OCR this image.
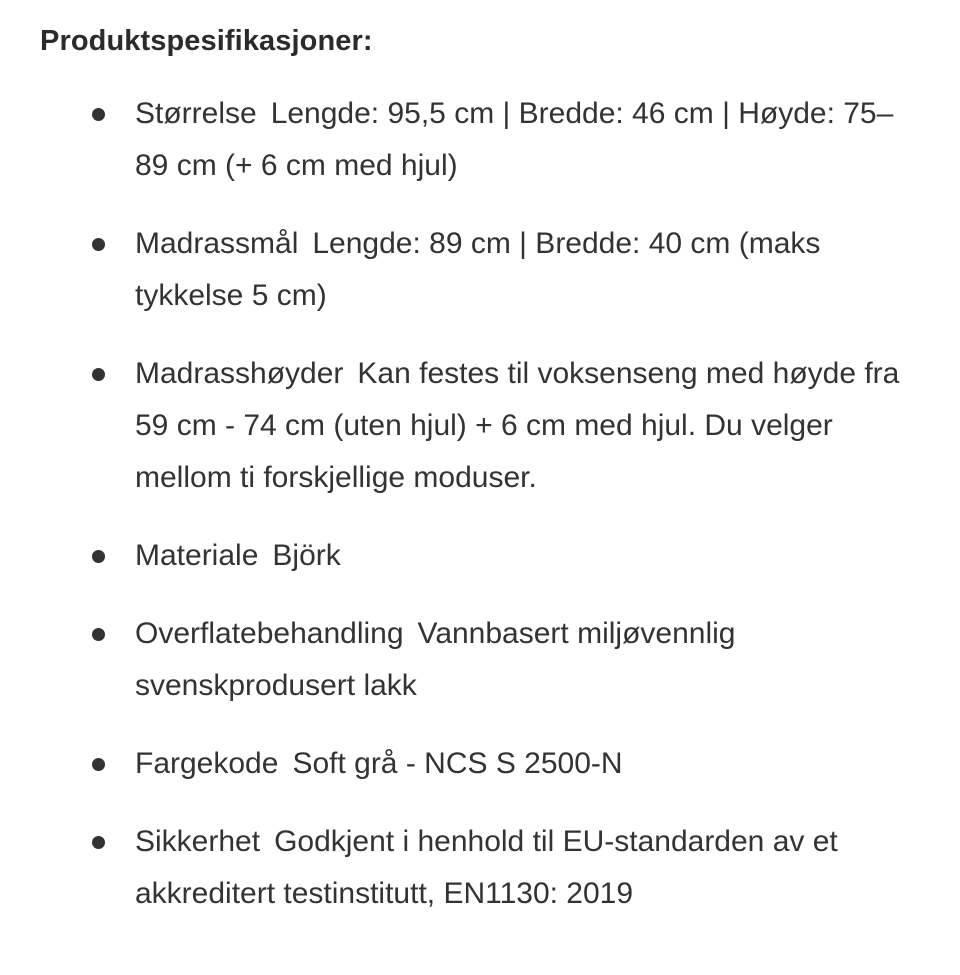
Produktspesifikasjoner:
Størrelse Lengde: 95,5 cm | Bredde: 46 cm | Høyde: 75–89 cm (+ 6 cm med hjul)
Madrassmål Lengde: 89 cm | Bredde: 40 cm (maks tykkelse 5 cm)
Madrasshøyder Kan festes til voksenseng med høyde fra 59 cm - 74 cm (uten hjul) + 6 cm med hjul. Du velger mellom ti forskjellige moduser.
Materiale Björk
Overflatebehandling Vannbasert miljøvennlig svenskprodusert lakk
Fargekode Soft grå - NCS S 2500-N
Sikkerhet Godkjent i henhold til EU-standarden av et akkreditert testinstitutt, EN1130: 2019
